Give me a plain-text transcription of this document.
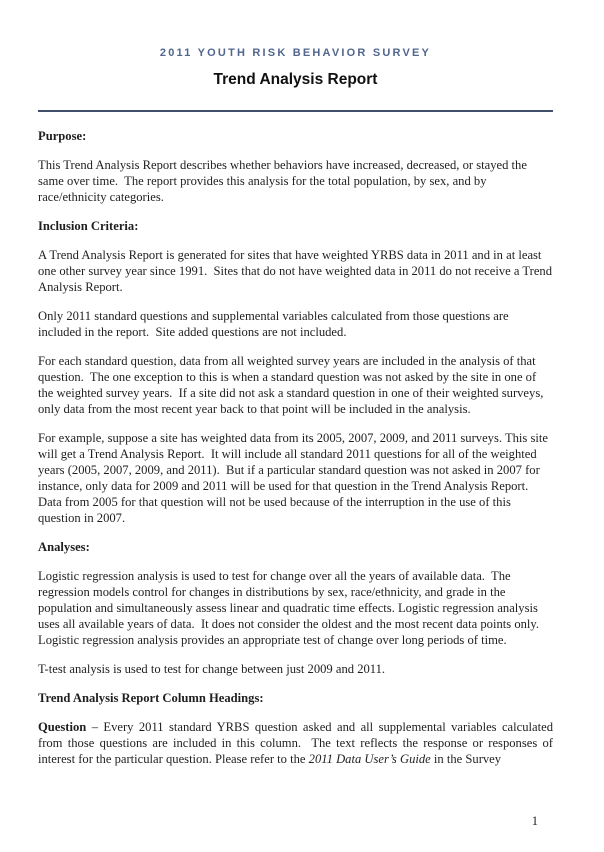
2011 YOUTH RISK BEHAVIOR SURVEY
Trend Analysis Report
Purpose:

This Trend Analysis Report describes whether behaviors have increased, decreased, or stayed the same over time.  The report provides this analysis for the total population, by sex, and by race/ethnicity categories.

Inclusion Criteria:

A Trend Analysis Report is generated for sites that have weighted YRBS data in 2011 and in at least one other survey year since 1991.  Sites that do not have weighted data in 2011 do not receive a Trend Analysis Report.

Only 2011 standard questions and supplemental variables calculated from those questions are included in the report.  Site added questions are not included.

For each standard question, data from all weighted survey years are included in the analysis of that question.  The one exception to this is when a standard question was not asked by the site in one of the weighted survey years.  If a site did not ask a standard question in one of their weighted surveys, only data from the most recent year back to that point will be included in the analysis.

For example, suppose a site has weighted data from its 2005, 2007, 2009, and 2011 surveys. This site will get a Trend Analysis Report.  It will include all standard 2011 questions for all of the weighted years (2005, 2007, 2009, and 2011).  But if a particular standard question was not asked in 2007 for instance, only data for 2009 and 2011 will be used for that question in the Trend Analysis Report.  Data from 2005 for that question will not be used because of the interruption in the use of this question in 2007.

Analyses:

Logistic regression analysis is used to test for change over all the years of available data.  The regression models control for changes in distributions by sex, race/ethnicity, and grade in the population and simultaneously assess linear and quadratic time effects. Logistic regression analysis uses all available years of data.  It does not consider the oldest and the most recent data points only. Logistic regression analysis provides an appropriate test of change over long periods of time.

T-test analysis is used to test for change between just 2009 and 2011.

Trend Analysis Report Column Headings:

Question – Every 2011 standard YRBS question asked and all supplemental variables calculated from those questions are included in this column.  The text reflects the response or responses of interest for the particular question. Please refer to the 2011 Data User’s Guide in the Survey

1
